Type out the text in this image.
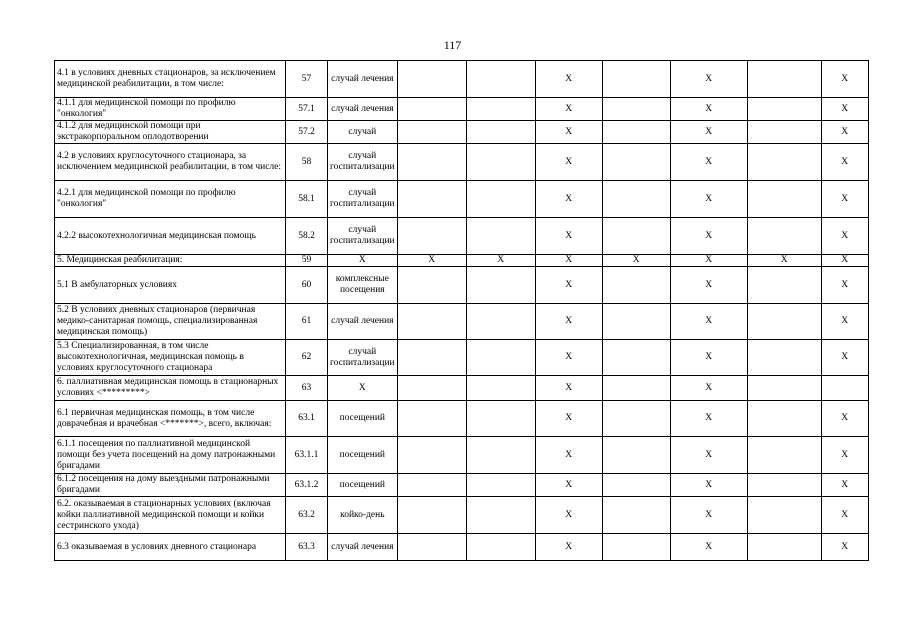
117
4.1 в условиях дневных стационаров, за исключением медицинской реабилитации, в том числе:	57	случай лечения			X		X		X
4.1.1 для медицинской помощи по профилю "онкология"	57.1	случай лечения			X		X		X
4.1.2 для медицинской помощи при экстракорпоральном оплодотворении	57.2	случай			X		X		X
4.2 в условиях круглосуточного стационара, за исключением медицинской реабилитации, в том числе:	58	случай госпитализации			X		X		X
4.2.1 для медицинской помощи по профилю "онкология"	58.1	случай госпитализации			X		X		X
4.2.2 высокотехнологичная медицинская помощь	58.2	случай госпитализации			X		X		X
5. Медицинская реабилитация:	59	X	X	X	X	X	X	X	X
5.1 В амбулаторных условиях	60	комплексные посещения			X		X		X
5.2 В условиях дневных стационаров (первичная медико-санитарная помощь, специализированная медицинская помощь)	61	случай лечения			X		X		X
5.3 Специализированная, в том числе высокотехнологичная, медицинская помощь в условиях круглосуточного стационара	62	случай госпитализации			X		X		X
6. паллиативная медицинская помощь в стационарных условиях <*********>	63	X			X		X		
6.1 первичная медицинская помощь, в том числе доврачебная и врачебная <*******>, всего, включая:	63.1	посещений			X		X		X
6.1.1 посещения по паллиативной медицинской помощи без учета посещений на дому патронажными бригадами	63.1.1	посещений			X		X		X
6.1.2 посещения на дому выездными патронажными бригадами	63.1.2	посещений			X		X		X
6.2. оказываемая в стационарных условиях (включая койки паллиативной медицинской помощи и койки сестринского ухода)	63.2	койко-день			X		X		X
6.3 оказываемая в условиях дневного стационара	63.3	случай лечения			X		X		X
